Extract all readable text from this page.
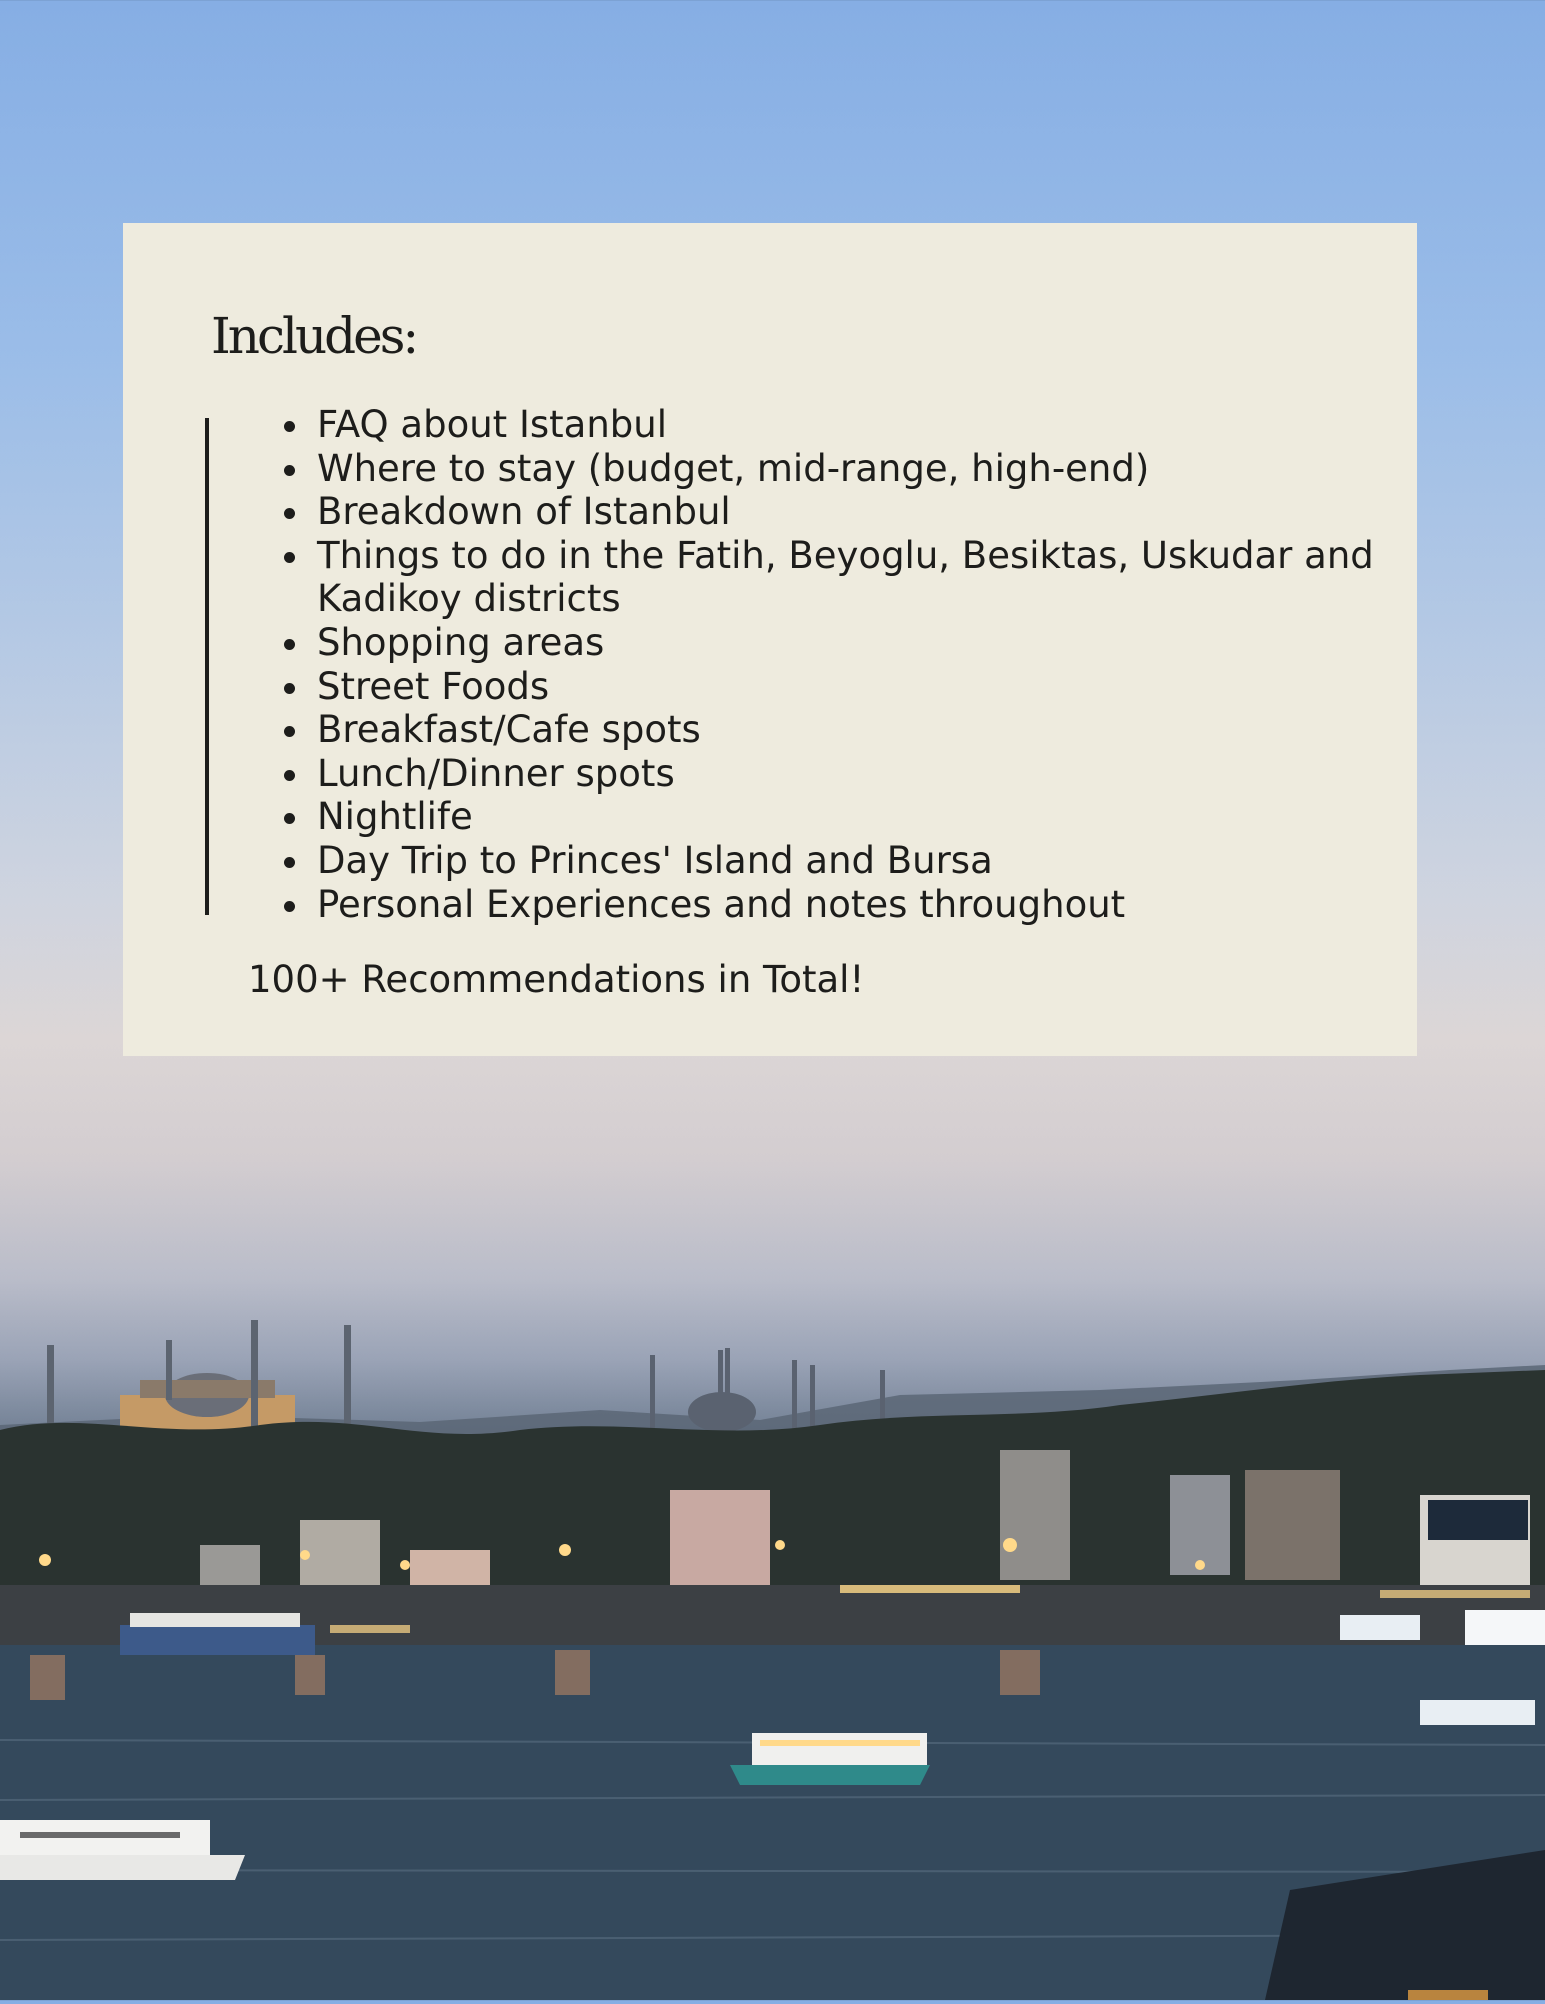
Includes:
• FAQ about Istanbul
• Where to stay (budget, mid-range, high-end)
• Breakdown of Istanbul
• Things to do in the Fatih, Beyoglu, Besiktas, Uskudar and Kadikoy districts
• Shopping areas
• Street Foods
• Breakfast/Cafe spots
• Lunch/Dinner spots
• Nightlife
• Day Trip to Princes' Island and Bursa
• Personal Experiences and notes throughout

100+ Recommendations in Total!
